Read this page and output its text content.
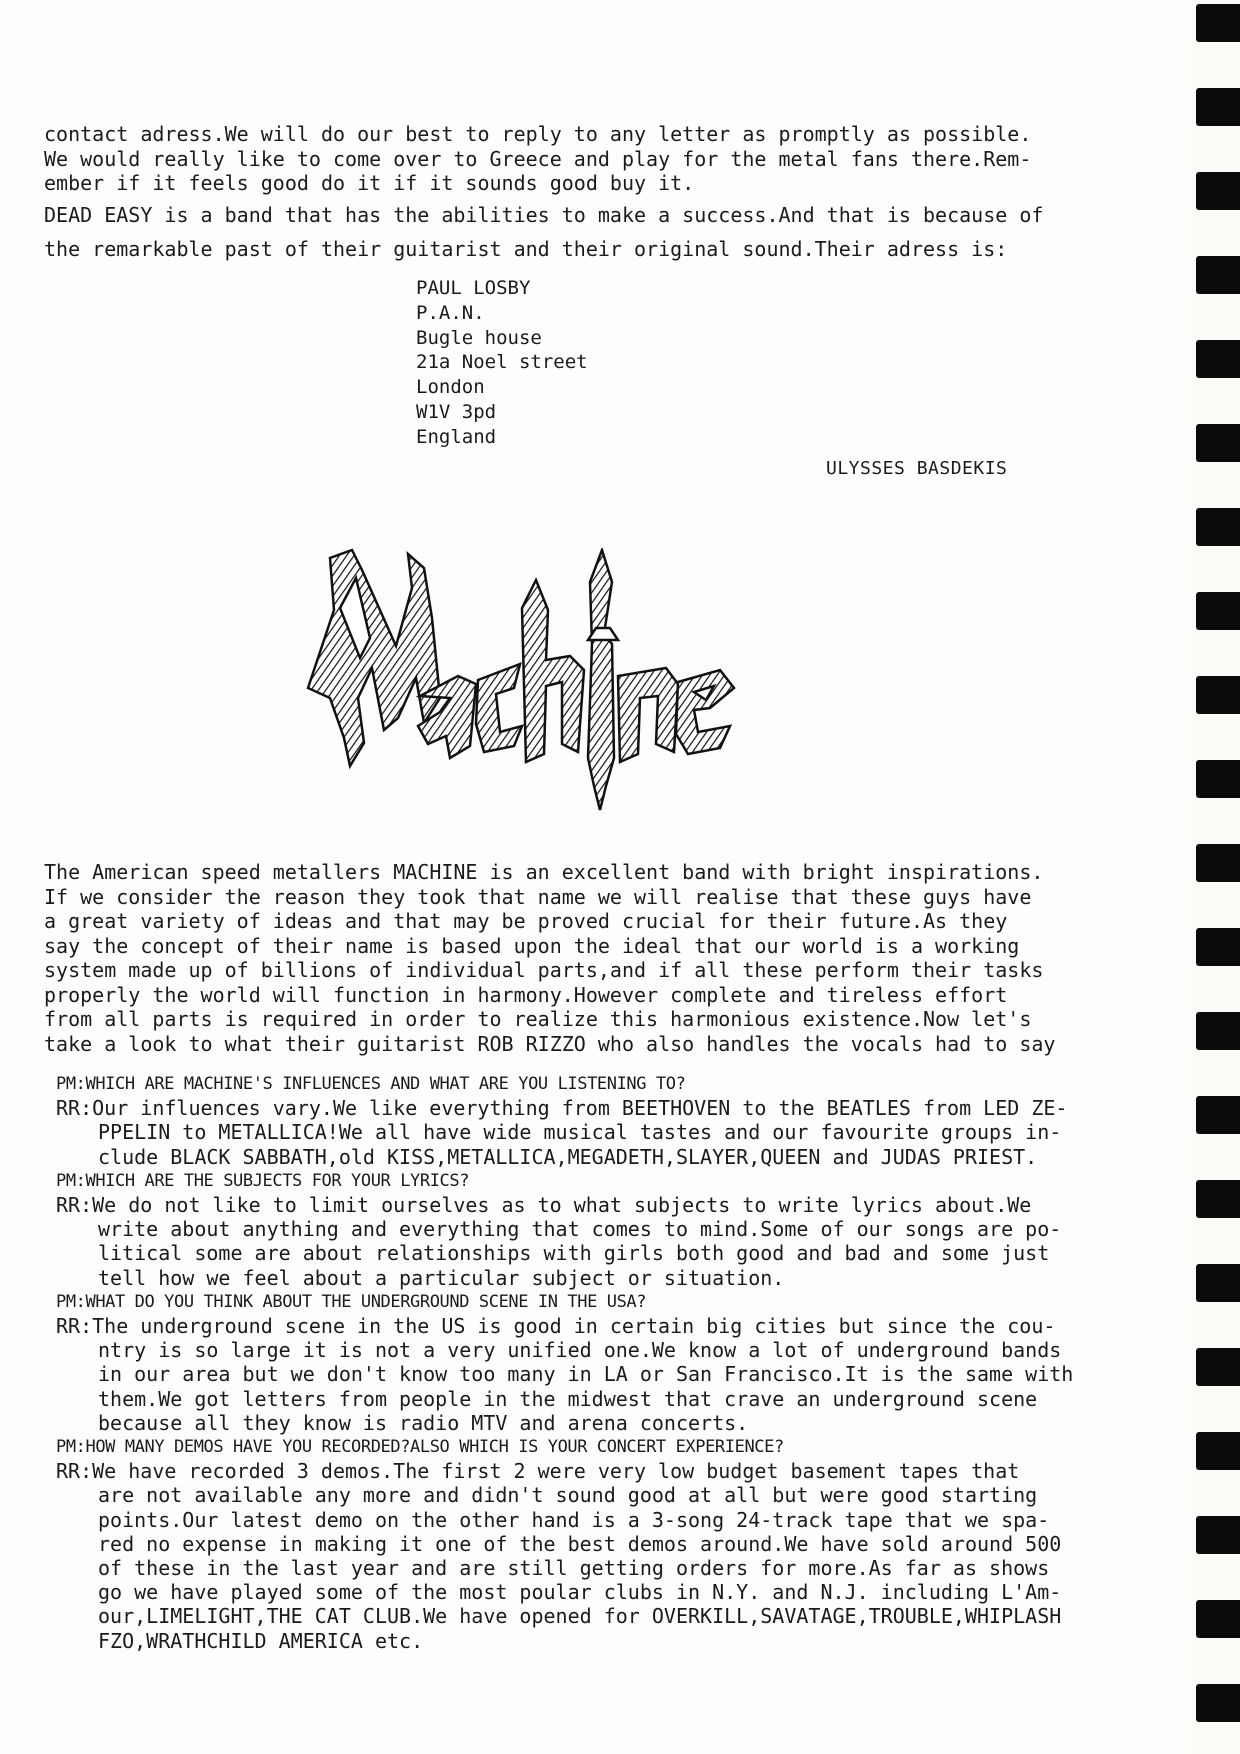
contact adress.We will do our best to reply to any letter as promptly as possible.
We would really like to come over to Greece and play for the metal fans there.Rem-
ember if it feels good do it if it sounds good buy it.

DEAD EASY is a band that has the abilities to make a success.And that is because of
the remarkable past of their guitarist and their original sound.Their adress is:

PAUL LOSBY
P.A.N.
Bugle house
21a Noel street
London
W1V 3pd
England
ULYSSES BASDEKIS

The American speed metallers MACHINE is an excellent band with bright inspirations.
If we consider the reason they took that name we will realise that these guys have
a great variety of ideas and that may be proved crucial for their future.As they
say the concept of their name is based upon the ideal that our world is a working
system made up of billions of individual parts,and if all these perform their tasks
properly the world will function in harmony.However complete and tireless effort
from all parts is required in order to realize this harmonious existence.Now let's
take a look to what their guitarist ROB RIZZO who also handles the vocals had to say

PM:WHICH ARE MACHINE'S INFLUENCES AND WHAT ARE YOU LISTENING TO?
RR:Our influences vary.We like everything from BEETHOVEN to the BEATLES from LED ZE-
PPELIN to METALLICA!We all have wide musical tastes and our favourite groups in-
clude BLACK SABBATH,old KISS,METALLICA,MEGADETH,SLAYER,QUEEN and JUDAS PRIEST.
PM:WHICH ARE THE SUBJECTS FOR YOUR LYRICS?
RR:We do not like to limit ourselves as to what subjects to write lyrics about.We
write about anything and everything that comes to mind.Some of our songs are po-
litical some are about relationships with girls both good and bad and some just
tell how we feel about a particular subject or situation.
PM:WHAT DO YOU THINK ABOUT THE UNDERGROUND SCENE IN THE USA?
RR:The underground scene in the US is good in certain big cities but since the cou-
ntry is so large it is not a very unified one.We know a lot of underground bands
in our area but we don't know too many in LA or San Francisco.It is the same with
them.We got letters from people in the midwest that crave an underground scene
because all they know is radio MTV and arena concerts.
PM:HOW MANY DEMOS HAVE YOU RECORDED?ALSO WHICH IS YOUR CONCERT EXPERIENCE?
RR:We have recorded 3 demos.The first 2 were very low budget basement tapes that
are not available any more and didn't sound good at all but were good starting
points.Our latest demo on the other hand is a 3-song 24-track tape that we spa-
red no expense in making it one of the best demos around.We have sold around 500
of these in the last year and are still getting orders for more.As far as shows
go we have played some of the most poular clubs in N.Y. and N.J. including L'Am-
our,LIMELIGHT,THE CAT CLUB.We have opened for OVERKILL,SAVATAGE,TROUBLE,WHIPLASH
FZO,WRATHCHILD AMERICA etc.
